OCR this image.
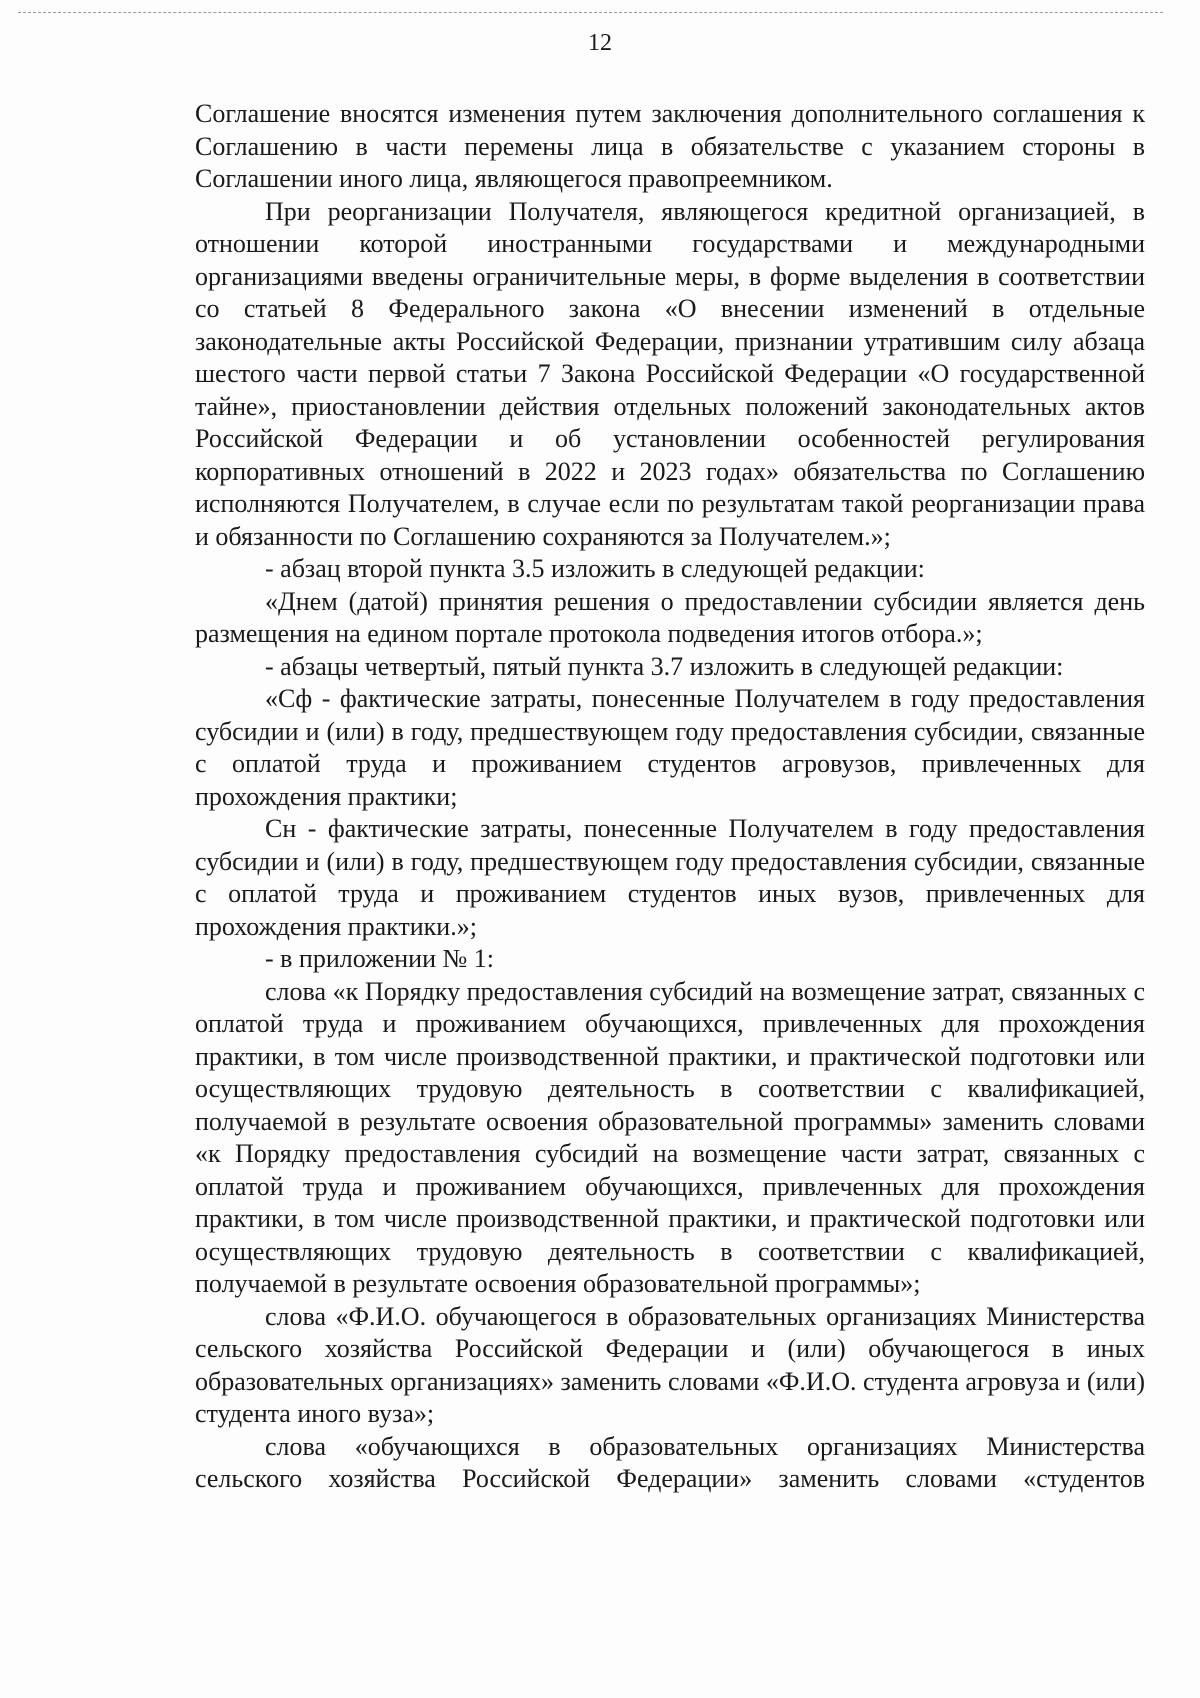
12

Соглашение вносятся изменения путем заключения дополнительного соглашения к Соглашению в части перемены лица в обязательстве с указанием стороны в Соглашении иного лица, являющегося правопреемником.

При реорганизации Получателя, являющегося кредитной организацией, в отношении которой иностранными государствами и международными организациями введены ограничительные меры, в форме выделения в соответствии со статьей 8 Федерального закона «О внесении изменений в отдельные законодательные акты Российской Федерации, признании утратившим силу абзаца шестого части первой статьи 7 Закона Российской Федерации «О государственной тайне», приостановлении действия отдельных положений законодательных актов Российской Федерации и об установлении особенностей регулирования корпоративных отношений в 2022 и 2023 годах» обязательства по Соглашению исполняются Получателем, в случае если по результатам такой реорганизации права и обязанности по Соглашению сохраняются за Получателем.»;

- абзац второй пункта 3.5 изложить в следующей редакции:

«Днем (датой) принятия решения о предоставлении субсидии является день размещения на едином портале протокола подведения итогов отбора.»;

- абзацы четвертый, пятый пункта 3.7 изложить в следующей редакции:

«Сф - фактические затраты, понесенные Получателем в году предоставления субсидии и (или) в году, предшествующем году предоставления субсидии, связанные с оплатой труда и проживанием студентов агровузов, привлеченных для прохождения практики;

Сн - фактические затраты, понесенные Получателем в году предоставления субсидии и (или) в году, предшествующем году предоставления субсидии, связанные с оплатой труда и проживанием студентов иных вузов, привлеченных для прохождения практики.»;

- в приложении № 1:

слова «к Порядку предоставления субсидий на возмещение затрат, связанных с оплатой труда и проживанием обучающихся, привлеченных для прохождения практики, в том числе производственной практики, и практической подготовки или осуществляющих трудовую деятельность в соответствии с квалификацией, получаемой в результате освоения образовательной программы» заменить словами «к Порядку предоставления субсидий на возмещение части затрат, связанных с оплатой труда и проживанием обучающихся, привлеченных для прохождения практики, в том числе производственной практики, и практической подготовки или осуществляющих трудовую деятельность в соответствии с квалификацией, получаемой в результате освоения образовательной программы»;

слова «Ф.И.О. обучающегося в образовательных организациях Министерства сельского хозяйства Российской Федерации и (или) обучающегося в иных образовательных организациях» заменить словами «Ф.И.О. студента агровуза и (или) студента иного вуза»;

слова «обучающихся в образовательных организациях Министерства сельского хозяйства Российской Федерации» заменить словами «студентов
